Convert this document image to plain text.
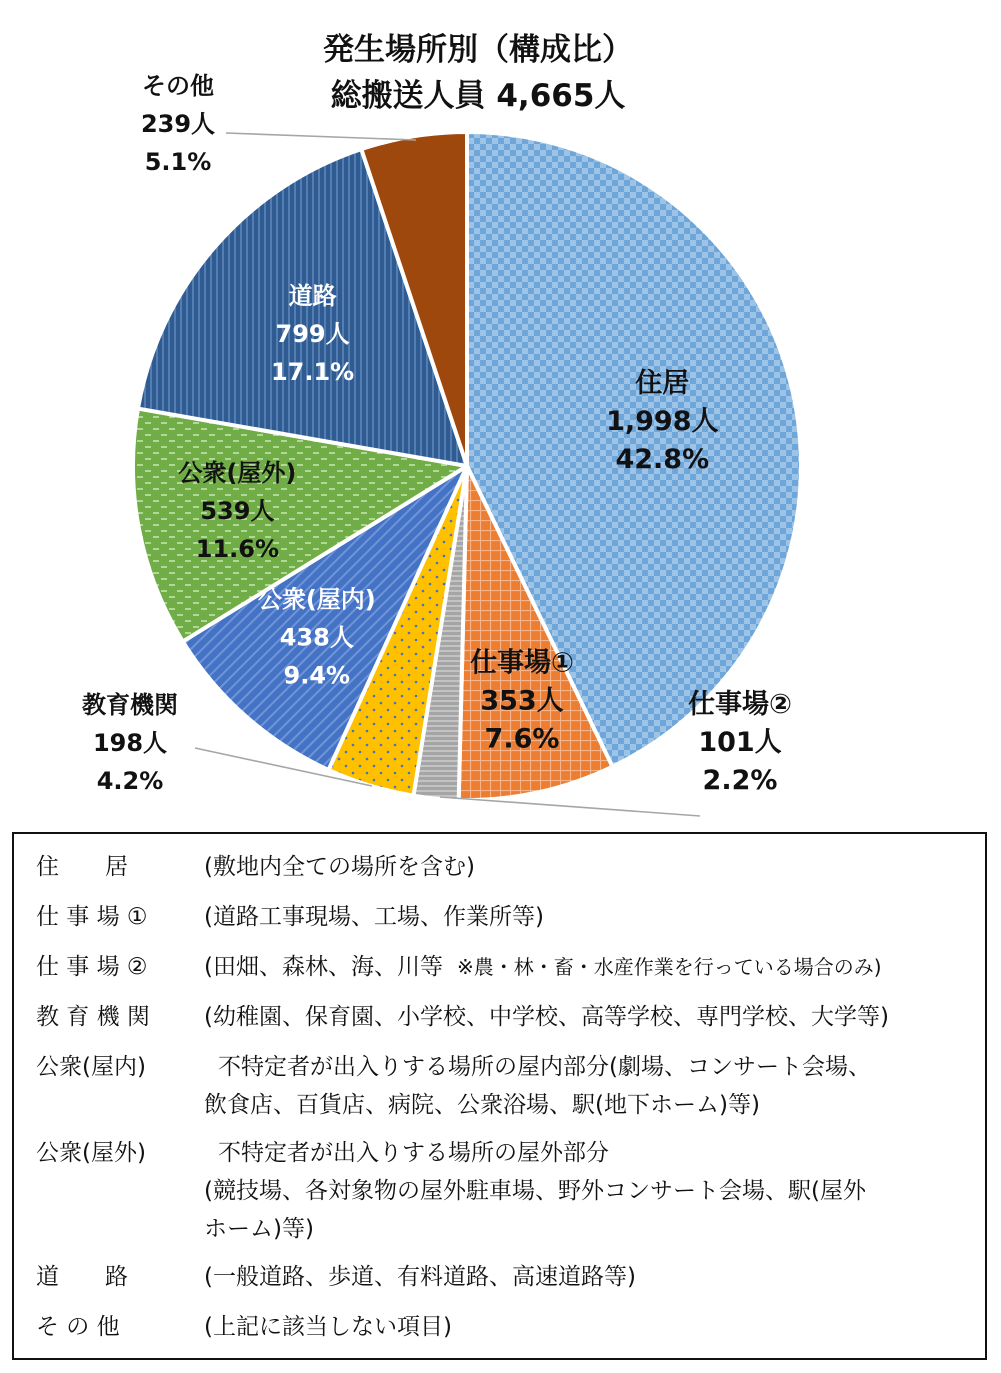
発生場所別（構成比）
総搬送人員 4,665人
住居
1,998人
42.8%
仕事場①
353人
7.6%
仕事場②
101人
2.2%
教育機関
198人
4.2%
公衆(屋内)
438人
9.4%
公衆(屋外)
539人
11.6%
道路
799人
17.1%
その他
239人
5.1%
住　　居	(敷地内全ての場所を含む)
仕 事 場 ①	(道路工事現場、工場、作業所等)
仕 事 場 ②	(田畑、森林、海、川等 ※農・林・畜・水産作業を行っている場合のみ)
教 育 機 関	(幼稚園、保育園、小学校、中学校、高等学校、専門学校、大学等)
公衆(屋内)	不特定者が出入りする場所の屋内部分(劇場、コンサート会場、
飲食店、百貨店、病院、公衆浴場、駅(地下ホーム)等)
公衆(屋外)	不特定者が出入りする場所の屋外部分
(競技場、各対象物の屋外駐車場、野外コンサート会場、駅(屋外
ホーム)等)
道　　路	(一般道路、歩道、有料道路、高速道路等)
そ の 他	(上記に該当しない項目)
